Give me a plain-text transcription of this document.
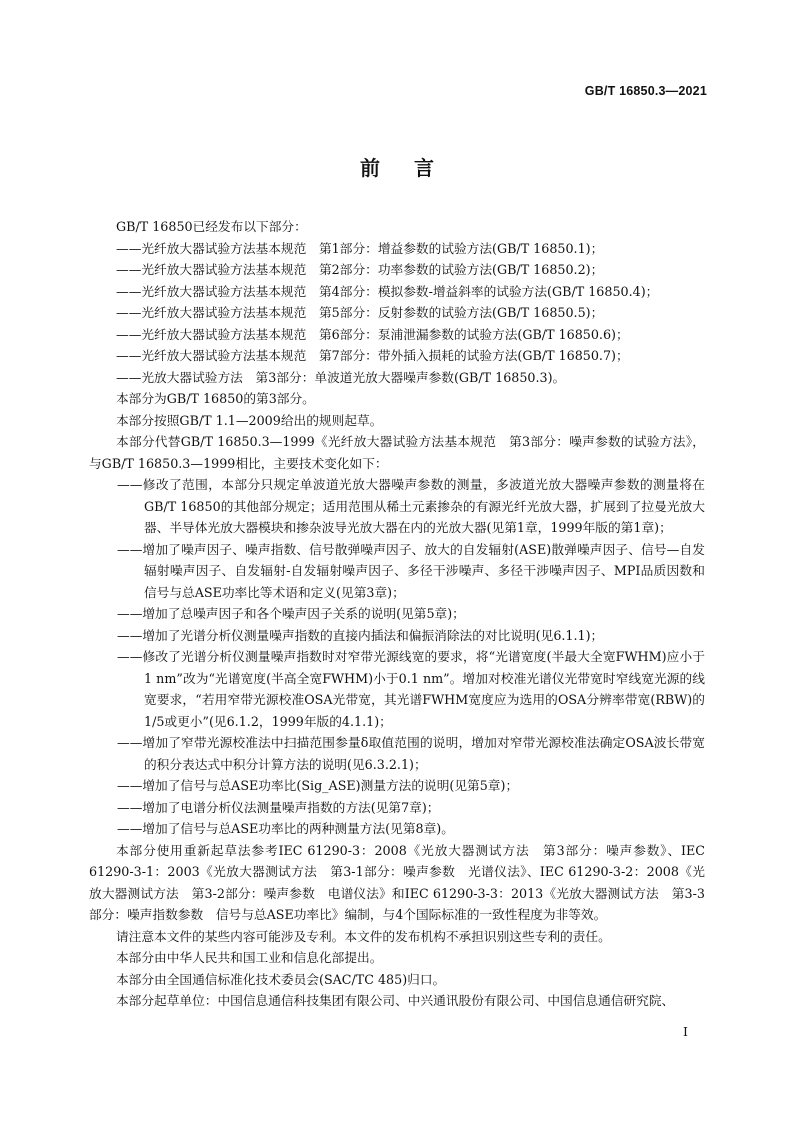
GB/T 16850.3—2021
前言

GB/T 16850已经发布以下部分：

——光纤放大器试验方法基本规范　第1部分：增益参数的试验方法(GB/T 16850.1)；

——光纤放大器试验方法基本规范　第2部分：功率参数的试验方法(GB/T 16850.2)；

——光纤放大器试验方法基本规范　第4部分：模拟参数-增益斜率的试验方法(GB/T 16850.4)；

——光纤放大器试验方法基本规范　第5部分：反射参数的试验方法(GB/T 16850.5)；

——光纤放大器试验方法基本规范　第6部分：泵浦泄漏参数的试验方法(GB/T 16850.6)；

——光纤放大器试验方法基本规范　第7部分：带外插入损耗的试验方法(GB/T 16850.7)；

——光放大器试验方法　第3部分：单波道光放大器噪声参数(GB/T 16850.3)。

本部分为GB/T 16850的第3部分。

本部分按照GB/T 1.1—2009给出的规则起草。

本部分代替GB/T 16850.3—1999《光纤放大器试验方法基本规范　第3部分：噪声参数的试验方法》，与GB/T 16850.3—1999相比，主要技术变化如下：

——修改了范围，本部分只规定单波道光放大器噪声参数的测量，多波道光放大器噪声参数的测量将在GB/T 16850的其他部分规定；适用范围从稀土元素掺杂的有源光纤光放大器，扩展到了拉曼光放大器、半导体光放大器模块和掺杂波导光放大器在内的光放大器(见第1章，1999年版的第1章)；

——增加了噪声因子、噪声指数、信号散弹噪声因子、放大的自发辐射(ASE)散弹噪声因子、信号—自发辐射噪声因子、自发辐射-自发辐射噪声因子、多径干涉噪声、多径干涉噪声因子、MPI品质因数和信号与总ASE功率比等术语和定义(见第3章)；

——增加了总噪声因子和各个噪声因子关系的说明(见第5章)；

——增加了光谱分析仪测量噪声指数的直接内插法和偏振消除法的对比说明(见6.1.1)；

——修改了光谱分析仪测量噪声指数时对窄带光源线宽的要求，将“光谱宽度(半最大全宽FWHM)应小于1 nm”改为“光谱宽度(半高全宽FWHM)小于0.1 nm”。增加对校准光谱仪光带宽时窄线宽光源的线宽要求，“若用窄带光源校准OSA光带宽，其光谱FWHM宽度应为选用的OSA分辨率带宽(RBW)的1/5或更小”(见6.1.2，1999年版的4.1.1)；

——增加了窄带光源校准法中扫描范围参量δ取值范围的说明，增加对窄带光源校准法确定OSA波长带宽的积分表达式中积分计算方法的说明(见6.3.2.1)；

——增加了信号与总ASE功率比(Sig_ASE)测量方法的说明(见第5章)；

——增加了电谱分析仪法测量噪声指数的方法(见第7章)；

——增加了信号与总ASE功率比的两种测量方法(见第8章)。

本部分使用重新起草法参考IEC 61290-3：2008《光放大器测试方法　第3部分：噪声参数》、IEC 61290-3-1：2003《光放大器测试方法　第3-1部分：噪声参数　光谱仪法》、IEC 61290-3-2：2008《光放大器测试方法　第3-2部分：噪声参数　电谱仪法》和IEC 61290-3-3：2013《光放大器测试方法　第3-3部分：噪声指数参数　信号与总ASE功率比》编制，与4个国际标准的一致性程度为非等效。

请注意本文件的某些内容可能涉及专利。本文件的发布机构不承担识别这些专利的责任。

本部分由中华人民共和国工业和信息化部提出。

本部分由全国通信标准化技术委员会(SAC/TC 485)归口。

本部分起草单位：中国信息通信科技集团有限公司、中兴通讯股份有限公司、中国信息通信研究院、

I
